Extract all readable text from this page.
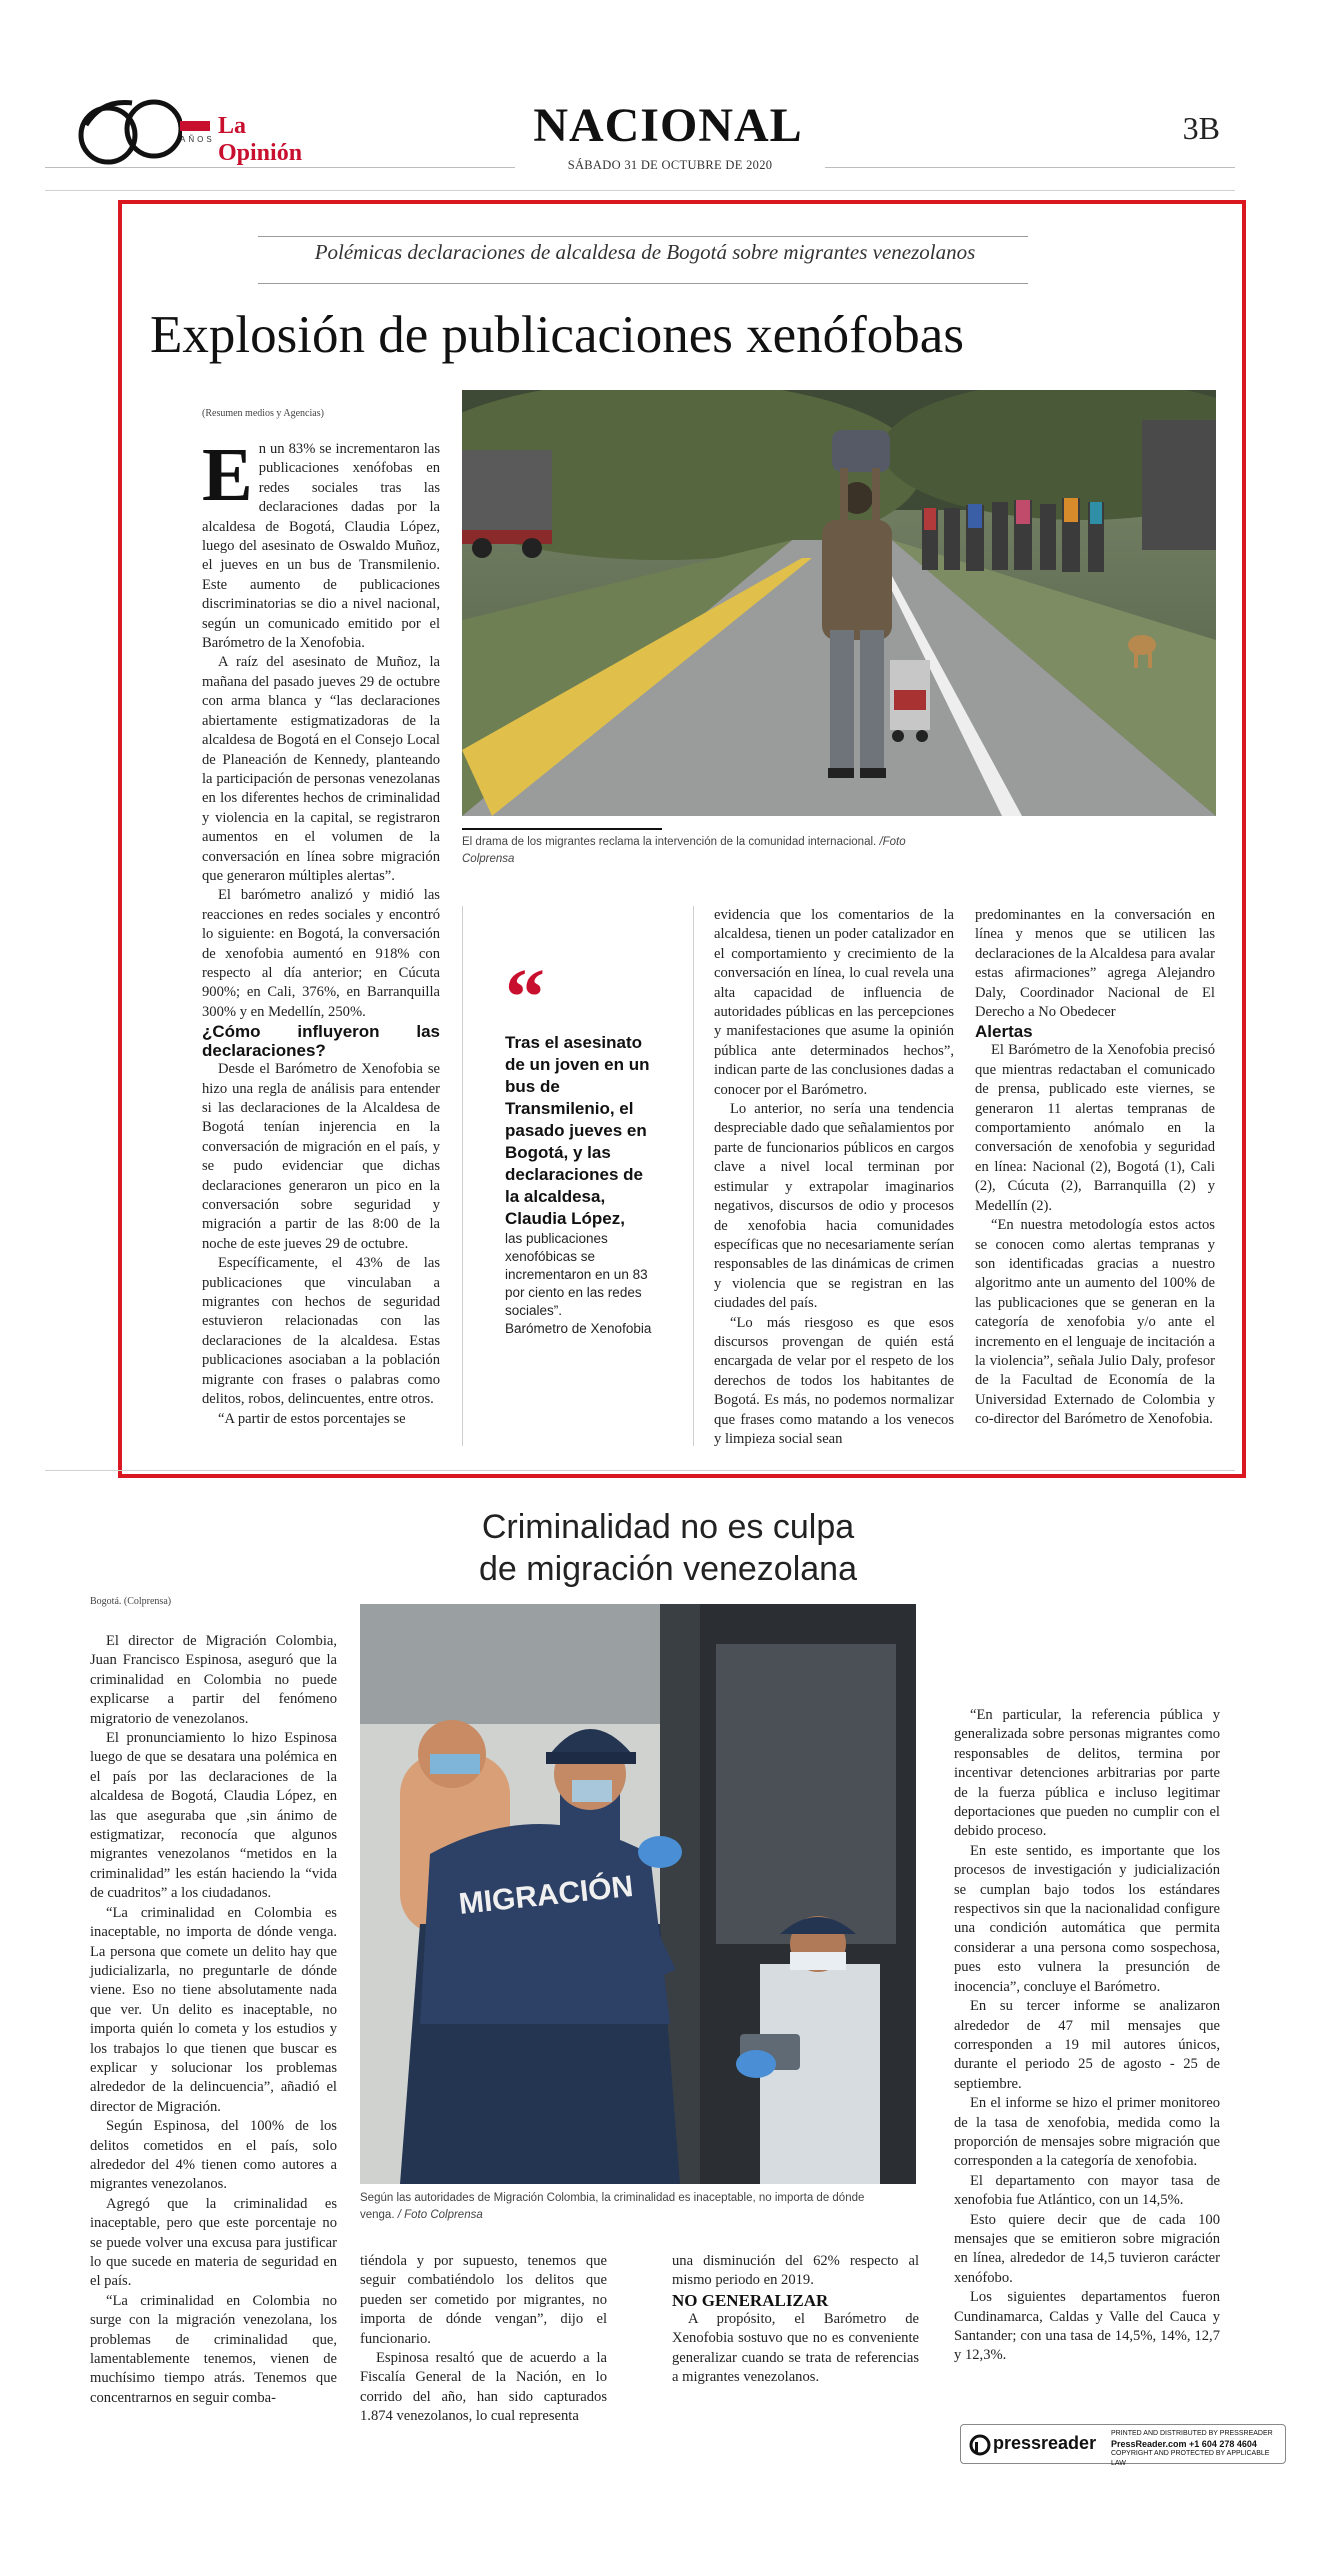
AÑOS
La Opinión
NACIONAL
SÁBADO 31 DE OCTUBRE DE 2020
3B
Polémicas declaraciones de alcaldesa de Bogotá sobre migrantes venezolanos
Explosión de publicaciones xenófobas
(Resumen medios y Agencias)

En un 83% se incrementaron las publicaciones xenófobas en redes sociales tras las declaraciones dadas por la alcaldesa de Bogotá, Claudia López, luego del asesinato de Oswaldo Muñoz, el jueves en un bus de Transmilenio. Este aumento de publicaciones discriminatorias se dio a nivel nacional, según un comunicado emitido por el Barómetro de la Xenofobia.

A raíz del asesinato de Muñoz, la mañana del pasado jueves 29 de octubre con arma blanca y “las declaraciones abiertamente estigmatizadoras de la alcaldesa de Bogotá en el Consejo Local de Planeación de Kennedy, planteando la participación de personas venezolanas en los diferentes hechos de criminalidad y violencia en la capital, se registraron aumentos en el volumen de la conversación en línea sobre migración que generaron múltiples alertas”.

El barómetro analizó y midió las reacciones en redes sociales y encontró lo siguiente: en Bogotá, la conversación de xenofobia aumentó en 918% con respecto al día anterior; en Cúcuta 900%; en Cali, 376%, en Barranquilla 300% y en Medellín, 250%.

¿Cómo influyeron las declaraciones?

Desde el Barómetro de Xenofobia se hizo una regla de análisis para entender si las declaraciones de la Alcaldesa de Bogotá tenían injerencia en la conversación de migración en el país, y se pudo evidenciar que dichas declaraciones generaron un pico en la conversación sobre seguridad y migración a partir de las 8:00 de la noche de este jueves 29 de octubre.

Específicamente, el 43% de las publicaciones que vinculaban a migrantes con hechos de seguridad estuvieron relacionadas con las declaraciones de la alcaldesa. Estas publicaciones asociaban a la población migrante con frases o palabras como delitos, robos, delincuentes, entre otros.

“A partir de estos porcentajes se

El drama de los migrantes reclama la intervención de la comunidad internacional. /Foto Colprensa
“
Tras el asesinato de un joven en un bus de Transmilenio, el pasado jueves en Bogotá, y las declaraciones de la alcaldesa, Claudia López,
las publicaciones xenofóbicas se incrementaron en un 83 por ciento en las redes sociales”.
Barómetro de Xenofobia

evidencia que los comentarios de la alcaldesa, tienen un poder catalizador en el comportamiento y crecimiento de la conversación en línea, lo cual revela una alta capacidad de influencia de autoridades públicas en las percepciones y manifestaciones que asume la opinión pública ante determinados hechos”, indican parte de las conclusiones dadas a conocer por el Barómetro.

Lo anterior, no sería una tendencia despreciable dado que señalamientos por parte de funcionarios públicos en cargos clave a nivel local terminan por estimular y extrapolar imaginarios negativos, discursos de odio y procesos de xenofobia hacia comunidades específicas que no necesariamente serían responsables de las dinámicas de crimen y violencia que se registran en las ciudades del país.

“Lo más riesgoso es que esos discursos provengan de quién está encargada de velar por el respeto de los derechos de todos los habitantes de Bogotá. Es más, no podemos normalizar que frases como matando a los venecos y limpieza social sean

predominantes en la conversación en línea y menos que se utilicen las declaraciones de la Alcaldesa para avalar estas afirmaciones” agrega Alejandro Daly, Coordinador Nacional de El Derecho a No Obedecer

Alertas

El Barómetro de la Xenofobia precisó que mientras redactaban el comunicado de prensa, publicado este viernes, se generaron 11 alertas tempranas de comportamiento anómalo en la conversación de xenofobia y seguridad en línea: Nacional (2), Bogotá (1), Cali (2), Cúcuta (2), Barranquilla (2) y Medellín (2).

“En nuestra metodología estos actos se conocen como alertas tempranas y son identificadas gracias a nuestro algoritmo ante un aumento del 100% de las publicaciones que se generan en la categoría de xenofobia y/o ante el incremento en el lenguaje de incitación a la violencia”, señala Julio Daly, profesor de la Facultad de Economía de la Universidad Externado de Colombia y co-director del Barómetro de Xenofobia.

Criminalidad no es culpa
de migración venezolana
Bogotá. (Colprensa)

El director de Migración Colombia, Juan Francisco Espinosa, aseguró que la criminalidad en Colombia no puede explicarse a partir del fenómeno migratorio de venezolanos.

El pronunciamiento lo hizo Espinosa luego de que se desatara una polémica en el país por las declaraciones de la alcaldesa de Bogotá, Claudia López, en las que aseguraba que ,sin ánimo de estigmatizar, reconocía que algunos migrantes venezolanos “metidos en la criminalidad” les están haciendo la “vida de cuadritos” a los ciudadanos.

“La criminalidad en Colombia es inaceptable, no importa de dónde venga. La persona que comete un delito hay que judicializarla, no preguntarle de dónde viene. Eso no tiene absolutamente nada que ver. Un delito es inaceptable, no importa quién lo cometa y los estudios y los trabajos lo que tienen que buscar es explicar y solucionar los problemas alrededor de la delincuencia”, añadió el director de Migración.

Según Espinosa, del 100% de los delitos cometidos en el país, solo alrededor del 4% tienen como autores a migrantes venezolanos.

Agregó que la criminalidad es inaceptable, pero que este porcentaje no se puede volver una excusa para justificar lo que sucede en materia de seguridad en el país.

“La criminalidad en Colombia no surge con la migración venezolana, los problemas de criminalidad que, lamentablemente tenemos, vienen de muchísimo tiempo atrás. Tenemos que concentrarnos en seguir comba-

MIGRACIÓN
Según las autoridades de Migración Colombia, la criminalidad es inaceptable, no importa de dónde venga. / Foto Colprensa

tiéndola y por supuesto, tenemos que seguir combatiéndolo los delitos que pueden ser cometido por migrantes, no importa de dónde vengan”, dijo el funcionario.

Espinosa resaltó que de acuerdo a la Fiscalía General de la Nación, en lo corrido del año, han sido capturados 1.874 venezolanos, lo cual representa

una disminución del 62% respecto al mismo periodo en 2019.

NO GENERALIZAR

A propósito, el Barómetro de Xenofobia sostuvo que no es conveniente generalizar cuando se trata de referencias a migrantes venezolanos.

“En particular, la referencia pública y generalizada sobre personas migrantes como responsables de delitos, termina por incentivar detenciones arbitrarias por parte de la fuerza pública e incluso legitimar deportaciones que pueden no cumplir con el debido proceso.

En este sentido, es importante que los procesos de investigación y judicialización se cumplan bajo todos los estándares respectivos sin que la nacionalidad configure una condición automática que permita considerar a una persona como sospechosa, pues esto vulnera la presunción de inocencia”, concluye el Barómetro.

En su tercer informe se analizaron alrededor de 47 mil mensajes que corresponden a 19 mil autores únicos, durante el periodo 25 de agosto - 25 de septiembre.

En el informe se hizo el primer monitoreo de la tasa de xenofobia, medida como la proporción de mensajes sobre migración que corresponden a la categoría de xenofobia.

El departamento con mayor tasa de xenofobia fue Atlántico, con un 14,5%.

Esto quiere decir que de cada 100 mensajes que se emitieron sobre migración en línea, alrededor de 14,5 tuvieron carácter xenófobo.

Los siguientes departamentos fueron Cundinamarca, Caldas y Valle del Cauca y Santander; con una tasa de 14,5%, 14%, 12,7 y 12,3%.

pressreader PRINTED AND DISTRIBUTED BY PRESSREADER
PressReader.com +1 604 278 4604
COPYRIGHT AND PROTECTED BY APPLICABLE LAW
